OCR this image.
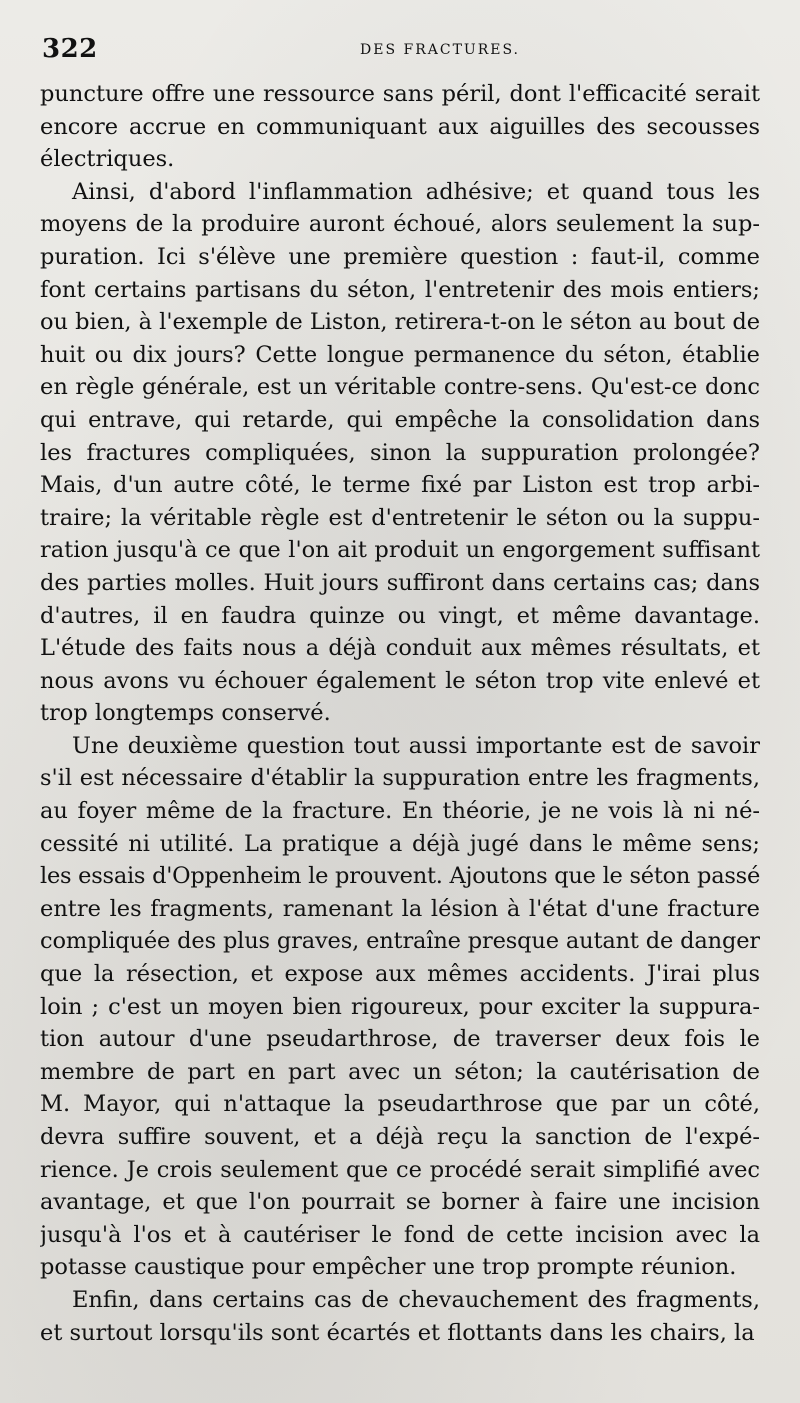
322	DES FRACTURES.
puncture offre une ressource sans péril, dont l'efficacité serait
encore accrue en communiquant aux aiguilles des secousses
électriques.
Ainsi, d'abord l'inflammation adhésive; et quand tous les
moyens de la produire auront échoué, alors seulement la sup-
puration. Ici s'élève une première question : faut-il, comme
font certains partisans du séton, l'entretenir des mois entiers;
ou bien, à l'exemple de Liston, retirera-t-on le séton au bout de
huit ou dix jours? Cette longue permanence du séton, établie
en règle générale, est un véritable contre-sens. Qu'est-ce donc
qui entrave, qui retarde, qui empêche la consolidation dans
les fractures compliquées, sinon la suppuration prolongée?
Mais, d'un autre côté, le terme fixé par Liston est trop arbi-
traire; la véritable règle est d'entretenir le séton ou la suppu-
ration jusqu'à ce que l'on ait produit un engorgement suffisant
des parties molles. Huit jours suffiront dans certains cas; dans
d'autres, il en faudra quinze ou vingt, et même davantage.
L'étude des faits nous a déjà conduit aux mêmes résultats, et
nous avons vu échouer également le séton trop vite enlevé et
trop longtemps conservé.
Une deuxième question tout aussi importante est de savoir
s'il est nécessaire d'établir la suppuration entre les fragments,
au foyer même de la fracture. En théorie, je ne vois là ni né-
cessité ni utilité. La pratique a déjà jugé dans le même sens;
les essais d'Oppenheim le prouvent. Ajoutons que le séton passé
entre les fragments, ramenant la lésion à l'état d'une fracture
compliquée des plus graves, entraîne presque autant de danger
que la résection, et expose aux mêmes accidents. J'irai plus
loin ; c'est un moyen bien rigoureux, pour exciter la suppura-
tion autour d'une pseudarthrose, de traverser deux fois le
membre de part en part avec un séton; la cautérisation de
M. Mayor, qui n'attaque la pseudarthrose que par un côté,
devra suffire souvent, et a déjà reçu la sanction de l'expé-
rience. Je crois seulement que ce procédé serait simplifié avec
avantage, et que l'on pourrait se borner à faire une incision
jusqu'à l'os et à cautériser le fond de cette incision avec la
potasse caustique pour empêcher une trop prompte réunion.
Enfin, dans certains cas de chevauchement des fragments,
et surtout lorsqu'ils sont écartés et flottants dans les chairs, la
